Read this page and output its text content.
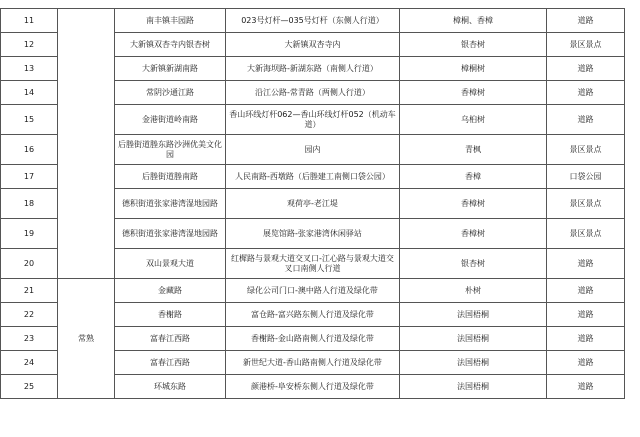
11		南丰镇丰园路	023号灯杆—035号灯杆（东侧人行道）	樟桐、香樟	道路
12		大新镇双杏寺内银杏树	大新镇双杏寺内	银杏树	景区景点
13		大新镇新湖南路	大新海坝路-新湖东路（南侧人行道）	樟桐树	道路
14		常阴沙通江路	沿江公路-常青路（两侧人行道）	香樟树	道路
15		金港街道岭南路	香山环线灯杆062—香山环线灯杆052（机动车道）	乌桕树	道路
16		后塍街道塍东路沙洲优美文化园	园内	青枫	景区景点
17		后塍街道塍南路	人民南路-西墩路（后塍建工南侧口袋公园）	香樟	口袋公园
18		德积街道张家港湾湿地园路	观荷亭-老江堤	香樟树	景区景点
19		德积街道张家港湾湿地园路	展览馆路-张家港湾休闲驿站	香樟树	景区景点
20		双山景观大道	红樨路与景观大道交叉口-江心路与景观大道交叉口南侧人行道	银杏树	道路
21	常熟	金藏路	绿化公司门口-澳中路人行道及绿化带	朴树	道路
22		香榭路	富仓路-富兴路东侧人行道及绿化带	法国梧桐	道路
23		富春江西路	香榭路-金山路南侧人行道及绿化带	法国梧桐	道路
24		富春江西路	新世纪大道-香山路南侧人行道及绿化带	法国梧桐	道路
25		环城东路	颜港桥-阜安桥东侧人行道及绿化带	法国梧桐	道路
